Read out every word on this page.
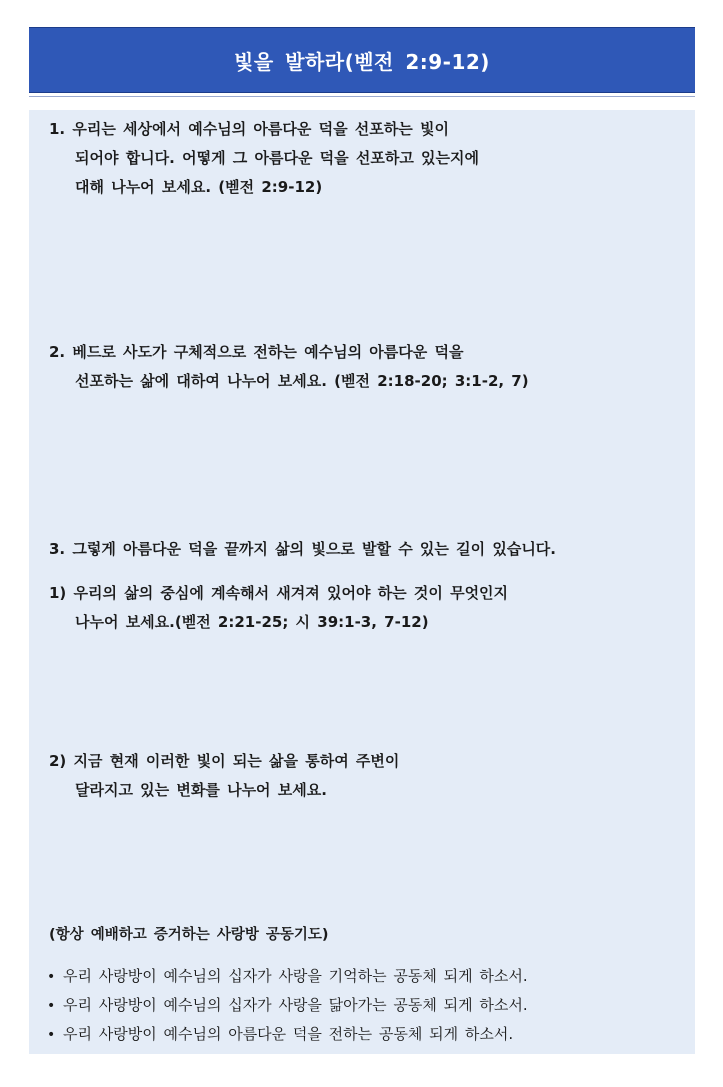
빛을 발하라(벧전 2:9-12)
1. 우리는 세상에서 예수님의 아름다운 덕을 선포하는 빛이
되어야 합니다. 어떻게 그 아름다운 덕을 선포하고 있는지에
대해 나누어 보세요. (벧전 2:9-12)
2. 베드로 사도가 구체적으로 전하는 예수님의 아름다운 덕을
선포하는 삶에 대하여 나누어 보세요. (벧전 2:18-20; 3:1-2, 7)
3. 그렇게 아름다운 덕을 끝까지 삶의 빛으로 발할 수 있는 길이 있습니다.
1) 우리의 삶의 중심에 계속해서 새겨져 있어야 하는 것이 무엇인지
나누어 보세요.(벧전 2:21-25; 시 39:1-3, 7-12)
2) 지금 현재 이러한 빛이 되는 삶을 통하여 주변이
달라지고 있는 변화를 나누어 보세요.
(항상 예배하고 증거하는 사랑방 공동기도)
• 우리 사랑방이 예수님의 십자가 사랑을 기억하는 공동체 되게 하소서.
• 우리 사랑방이 예수님의 십자가 사랑을 닮아가는 공동체 되게 하소서.
• 우리 사랑방이 예수님의 아름다운 덕을 전하는 공동체 되게 하소서.
